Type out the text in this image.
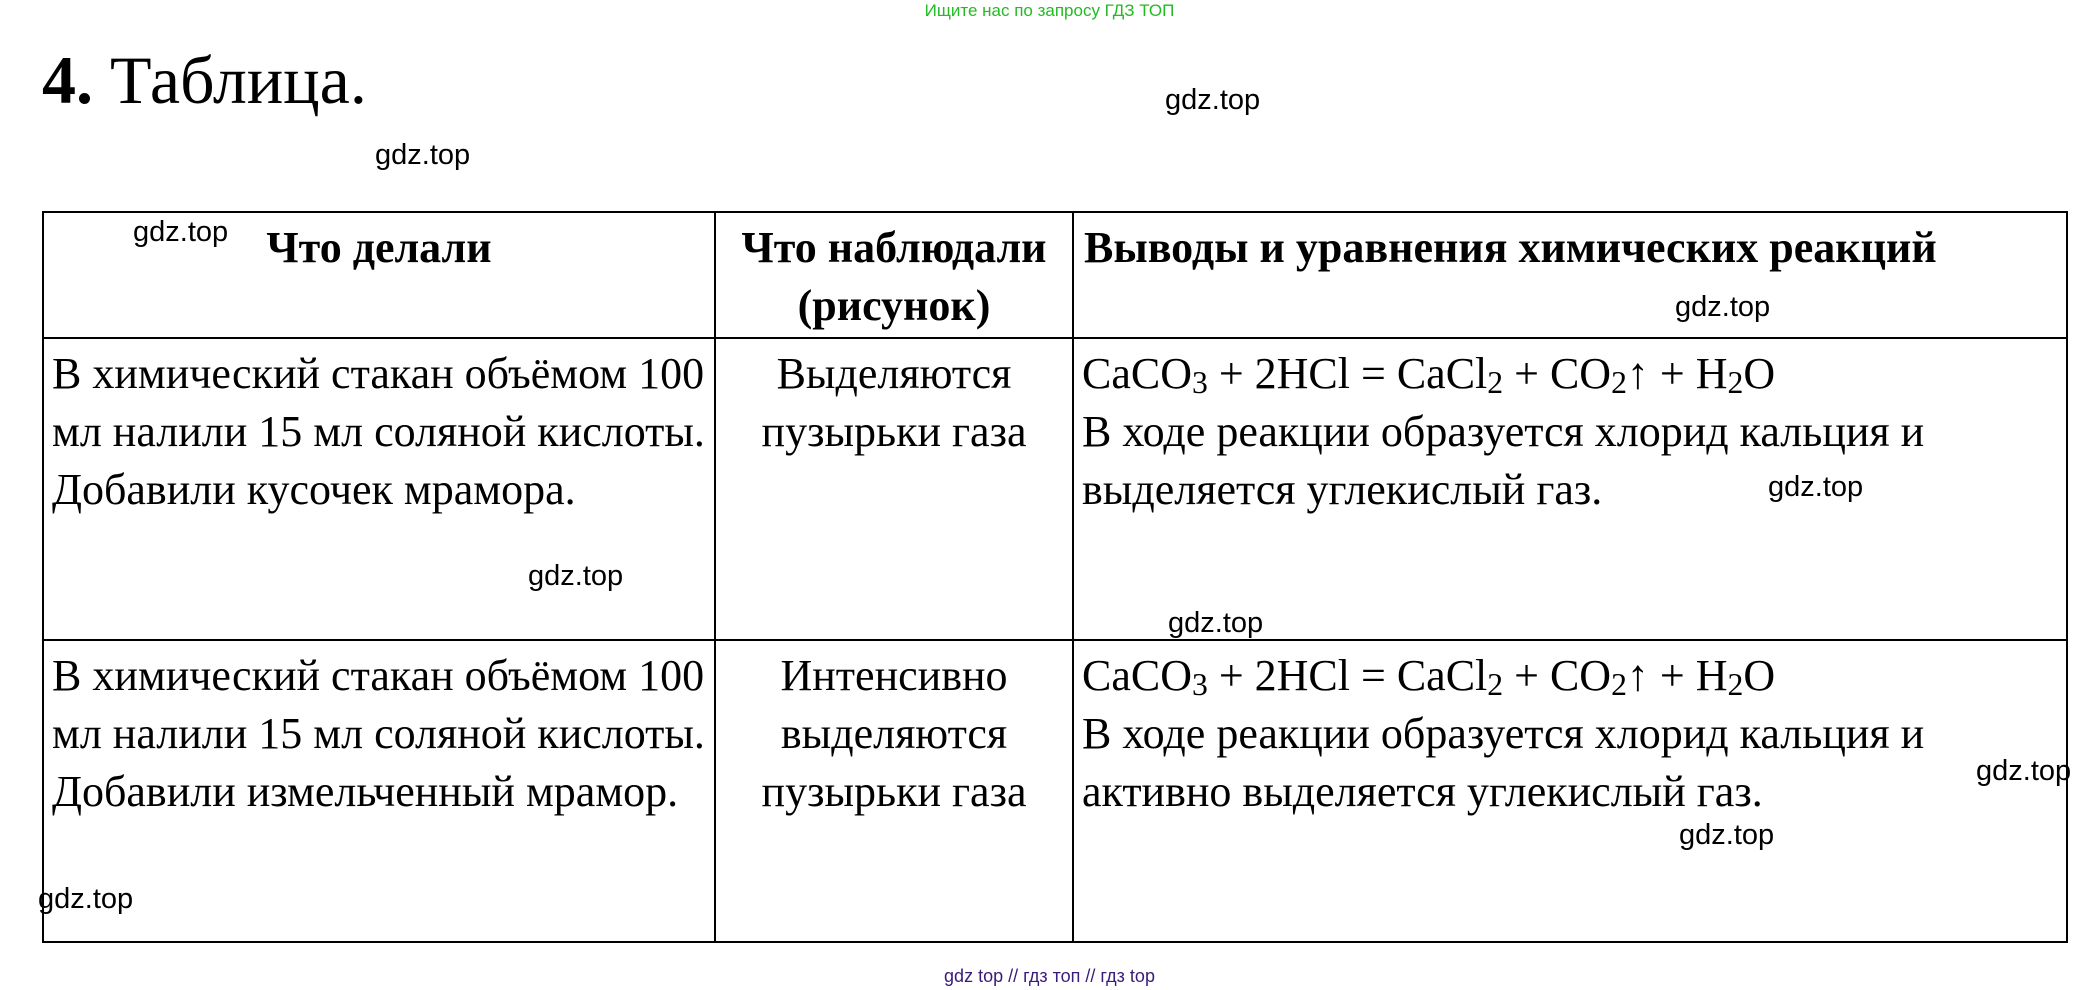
Ищите нас по запросу ГДЗ ТОП
4. Таблица.	gdz.top
gdz.top
Что делали	Что наблюдали (рисунок)	Выводы и уравнения химических реакций
В химический стакан объёмом 100 мл налили 15 мл соляной кислоты. Добавили кусочек мрамора.	Выделяются пузырьки газа	CaCO$_3$ + 2HCl = CaCl$_2$ + $CO_2↑ + H_2O$
В ходе реакции образуется хлорид кальция и выделяется углекислый газ.
В химический стакан объёмом 100 мл налили 15 мл соляной кислоты. Добавили измельченный мрамор.	Интенсивно выделяются пузырьки газа	CaCO$_3$ + 2HCl = CaCl$_2$ + $CO_2↑ + H_2O$
В ходе реакции образуется хлорид кальция и активно выделяется углекислый газ.
gdz.top
gdz.top
gdz.top
gdz.top
gdz.top
gdz.top
gdz.top
gdz.top
gdz top // гдз топ // гдз top
